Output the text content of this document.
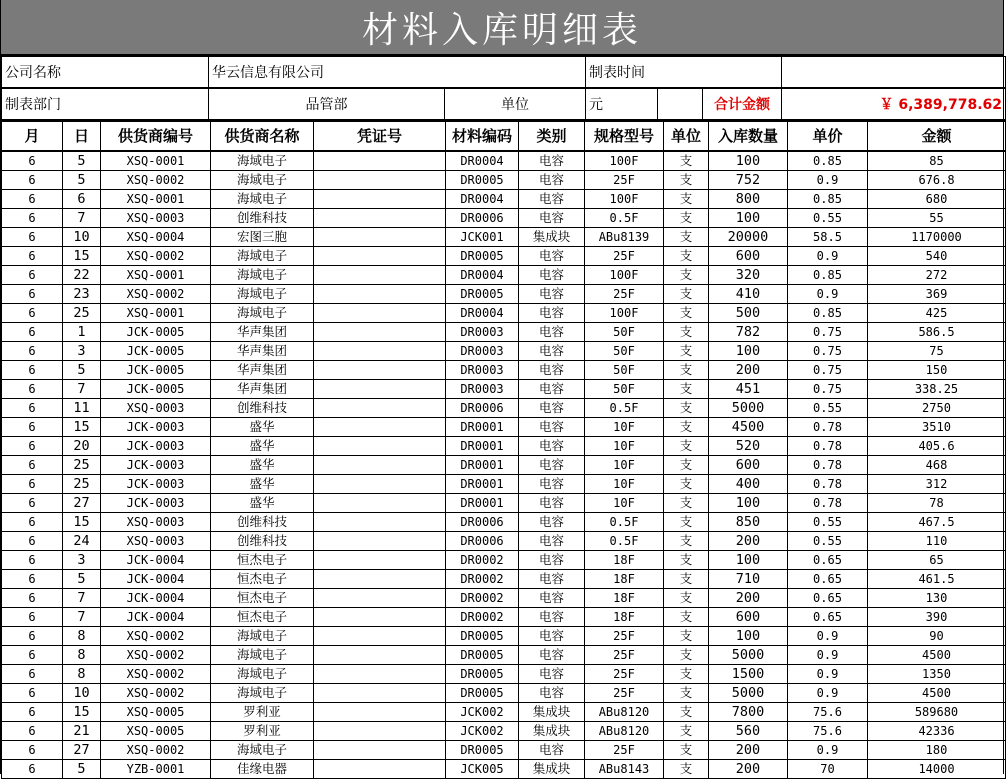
材料入库明细表
公司名称	华云信息有限公司		制表时间			
制表部门	品管部	单位	元		合计金额	￥ 6,389,778.62
月	日	供货商编号	供货商名称	凭证号	材料编码	类别	规格型号	单位	入库数量	单价	金额
6	5	XSQ-0001	海域电子		DR0004	电容	100F	支	100	0.85	85
6	5	XSQ-0002	海域电子		DR0005	电容	25F	支	752	0.9	676.8
6	6	XSQ-0001	海域电子		DR0004	电容	100F	支	800	0.85	680
6	7	XSQ-0003	创维科技		DR0006	电容	0.5F	支	100	0.55	55
6	10	XSQ-0004	宏图三胞		JCK001	集成块	ABu8139	支	20000	58.5	1170000
6	15	XSQ-0002	海域电子		DR0005	电容	25F	支	600	0.9	540
6	22	XSQ-0001	海域电子		DR0004	电容	100F	支	320	0.85	272
6	23	XSQ-0002	海域电子		DR0005	电容	25F	支	410	0.9	369
6	25	XSQ-0001	海域电子		DR0004	电容	100F	支	500	0.85	425
6	1	JCK-0005	华声集团		DR0003	电容	50F	支	782	0.75	586.5
6	3	JCK-0005	华声集团		DR0003	电容	50F	支	100	0.75	75
6	5	JCK-0005	华声集团		DR0003	电容	50F	支	200	0.75	150
6	7	JCK-0005	华声集团		DR0003	电容	50F	支	451	0.75	338.25
6	11	XSQ-0003	创维科技		DR0006	电容	0.5F	支	5000	0.55	2750
6	15	JCK-0003	盛华		DR0001	电容	10F	支	4500	0.78	3510
6	20	JCK-0003	盛华		DR0001	电容	10F	支	520	0.78	405.6
6	25	JCK-0003	盛华		DR0001	电容	10F	支	600	0.78	468
6	25	JCK-0003	盛华		DR0001	电容	10F	支	400	0.78	312
6	27	JCK-0003	盛华		DR0001	电容	10F	支	100	0.78	78
6	15	XSQ-0003	创维科技		DR0006	电容	0.5F	支	850	0.55	467.5
6	24	XSQ-0003	创维科技		DR0006	电容	0.5F	支	200	0.55	110
6	3	JCK-0004	恒杰电子		DR0002	电容	18F	支	100	0.65	65
6	5	JCK-0004	恒杰电子		DR0002	电容	18F	支	710	0.65	461.5
6	7	JCK-0004	恒杰电子		DR0002	电容	18F	支	200	0.65	130
6	7	JCK-0004	恒杰电子		DR0002	电容	18F	支	600	0.65	390
6	8	XSQ-0002	海域电子		DR0005	电容	25F	支	100	0.9	90
6	8	XSQ-0002	海域电子		DR0005	电容	25F	支	5000	0.9	4500
6	8	XSQ-0002	海域电子		DR0005	电容	25F	支	1500	0.9	1350
6	10	XSQ-0002	海域电子		DR0005	电容	25F	支	5000	0.9	4500
6	15	XSQ-0005	罗利亚		JCK002	集成块	ABu8120	支	7800	75.6	589680
6	21	XSQ-0005	罗利亚		JCK002	集成块	ABu8120	支	560	75.6	42336
6	27	XSQ-0002	海域电子		DR0005	电容	25F	支	200	0.9	180
6	5	YZB-0001	佳缘电器		JCK005	集成块	ABu8143	支	200	70	14000
